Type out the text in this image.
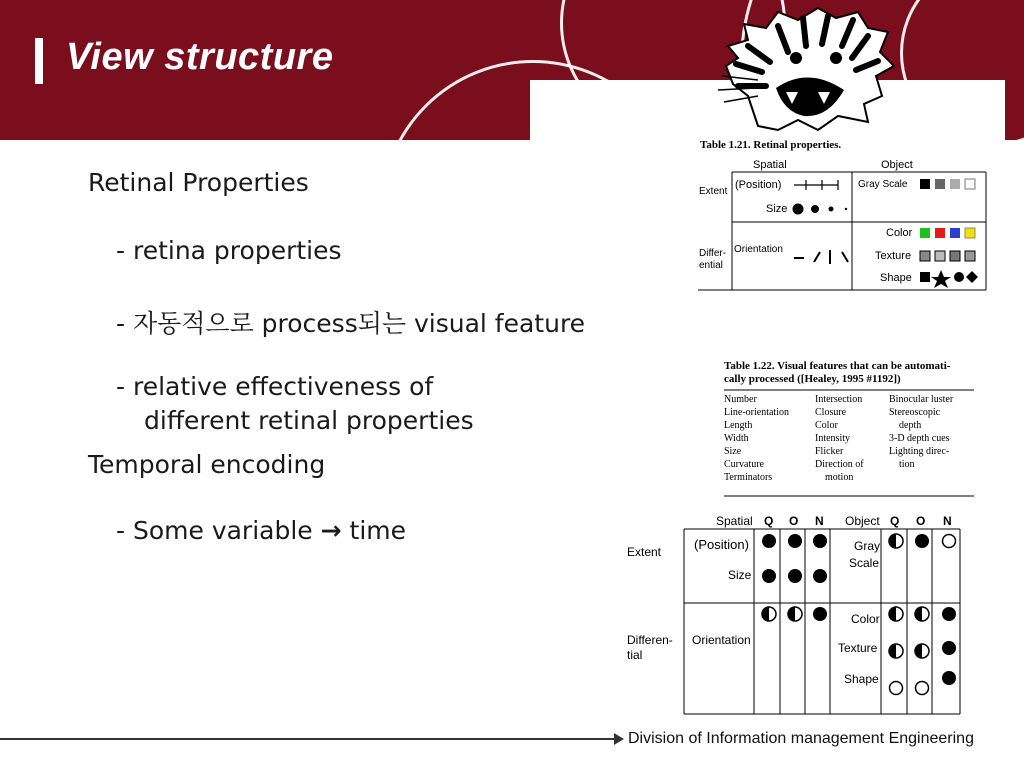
View structure
Retinal Properties
- retina properties
- 자동적으로 process되는 visual feature
- relative effectiveness of
different retinal properties
Temporal encoding
- Some variable → time
Table 1.21. Retinal properties.
Spatial	Object
Extent
Differ-
ential
(Position)
Size
Gray Scale
Orientation
Color
Texture
Shape
Table 1.22. Visual features that can be automati-
cally processed ([Healey, 1995 #1192])
Number
Line-orientation
Length
Width
Size
Curvature
Terminators
Intersection
Closure
Color
Intensity
Flicker
Direction of
motion
Binocular luster
Stereoscopic
depth
3-D depth cues
Lighting direc-
tion
Spatial Q O N Object Q O N
Extent
Differen-
tial
(Position)
Size
Gray
Scale
Orientation
Color
Texture
Shape
Division of Information management Engineering
